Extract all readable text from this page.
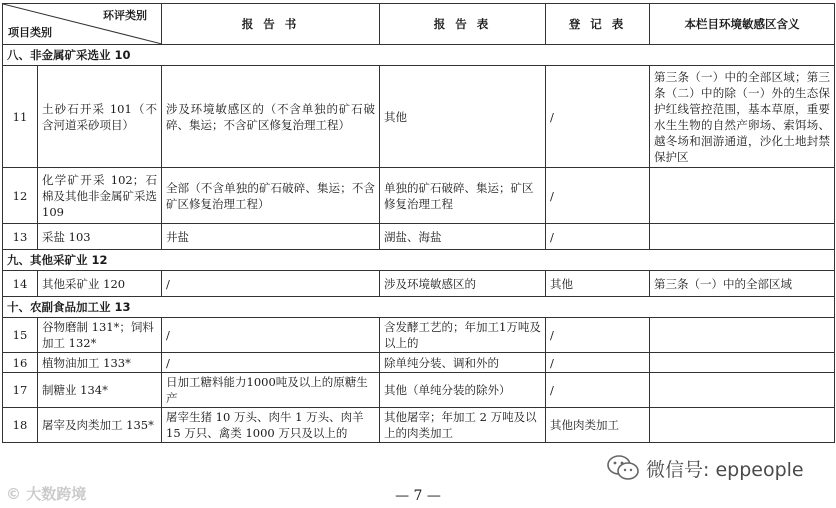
环评类别
项目类别		报 告 书	报 告 表	登 记 表	本栏目环境敏感区含义
八、非金属矿采选业 10					
11	土砂石开采 101（不含河道采砂项目）	涉及环境敏感区的（不含单独的矿石破碎、集运；不含矿区修复治理工程）	其他	/	第三条（一）中的全部区域；第三条（二）中的除（一）外的生态保护红线管控范围，基本草原，重要水生生物的自然产卵场、索饵场、越冬场和洄游通道，沙化土地封禁保护区
12	化学矿开采 102；石棉及其他非金属矿采选 109	全部（不含单独的矿石破碎、集运；不含矿区修复治理工程）	单独的矿石破碎、集运；矿区修复治理工程	/	
13	采盐 103	井盐	湖盐、海盐	/	
九、其他采矿业 12					
14	其他采矿业 120	/	涉及环境敏感区的	其他	第三条（一）中的全部区域
十、农副食品加工业 13					
15	谷物磨制 131*；饲料加工 132*	/	含发酵工艺的；年加工1万吨及以上的	/	
16	植物油加工 133*	/	除单纯分装、调和外的	/	
17	制糖业 134*	日加工糖料能力1000吨及以上的原糖生产	其他（单纯分装的除外）	/	
18	屠宰及肉类加工 135*	屠宰生猪 10 万头、肉牛 1 万头、肉羊 15 万只、禽类 1000 万只及以上的	其他屠宰；年加工 2 万吨及以上的肉类加工	其他肉类加工	
— 7 —
© 大数跨境
微信号: eppeople
